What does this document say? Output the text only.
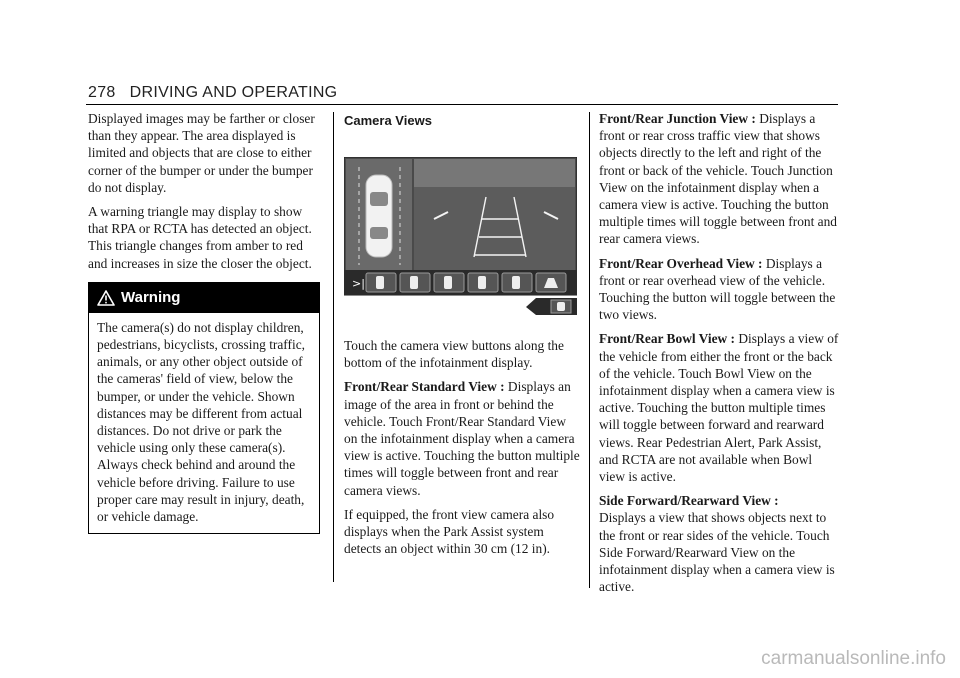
278 DRIVING AND OPERATING

Displayed images may be farther or closer than they appear. The area displayed is limited and objects that are close to either corner of the bumper or under the bumper do not display.

A warning triangle may display to show that RPA or RCTA has detected an object. This triangle changes from amber to red and increases in size the closer the object.

Warning
The camera(s) do not display children, pedestrians, bicyclists, crossing traffic, animals, or any other object outside of the cameras' field of view, below the bumper, or under the vehicle. Shown distances may be different from actual distances. Do not drive or park the vehicle using only these camera(s). Always check behind and around the vehicle before driving. Failure to use proper care may result in injury, death, or vehicle damage.
Camera Views
>|

Touch the camera view buttons along the bottom of the infotainment display.

Front/Rear Standard View : Displays an image of the area in front or behind the vehicle. Touch Front/Rear Standard View on the infotainment display when a camera view is active. Touching the button multiple times will toggle between front and rear camera views.

If equipped, the front view camera also displays when the Park Assist system detects an object within 30 cm (12 in).

Front/Rear Junction View : Displays a front or rear cross traffic view that shows objects directly to the left and right of the front or back of the vehicle. Touch Junction View on the infotainment display when a camera view is active. Touching the button multiple times will toggle between front and rear camera views.

Front/Rear Overhead View : Displays a front or rear overhead view of the vehicle. Touching the button will toggle between the two views.

Front/Rear Bowl View : Displays a view of the vehicle from either the front or the back of the vehicle. Touch Bowl View on the infotainment display when a camera view is active. Touching the button multiple times will toggle between forward and rearward views. Rear Pedestrian Alert, Park Assist, and RCTA are not available when Bowl view is active.

Side Forward/Rearward View :
Displays a view that shows objects next to the front or rear sides of the vehicle. Touch Side Forward/Rearward View on the infotainment display when a camera view is active.

carmanualsonline.info
